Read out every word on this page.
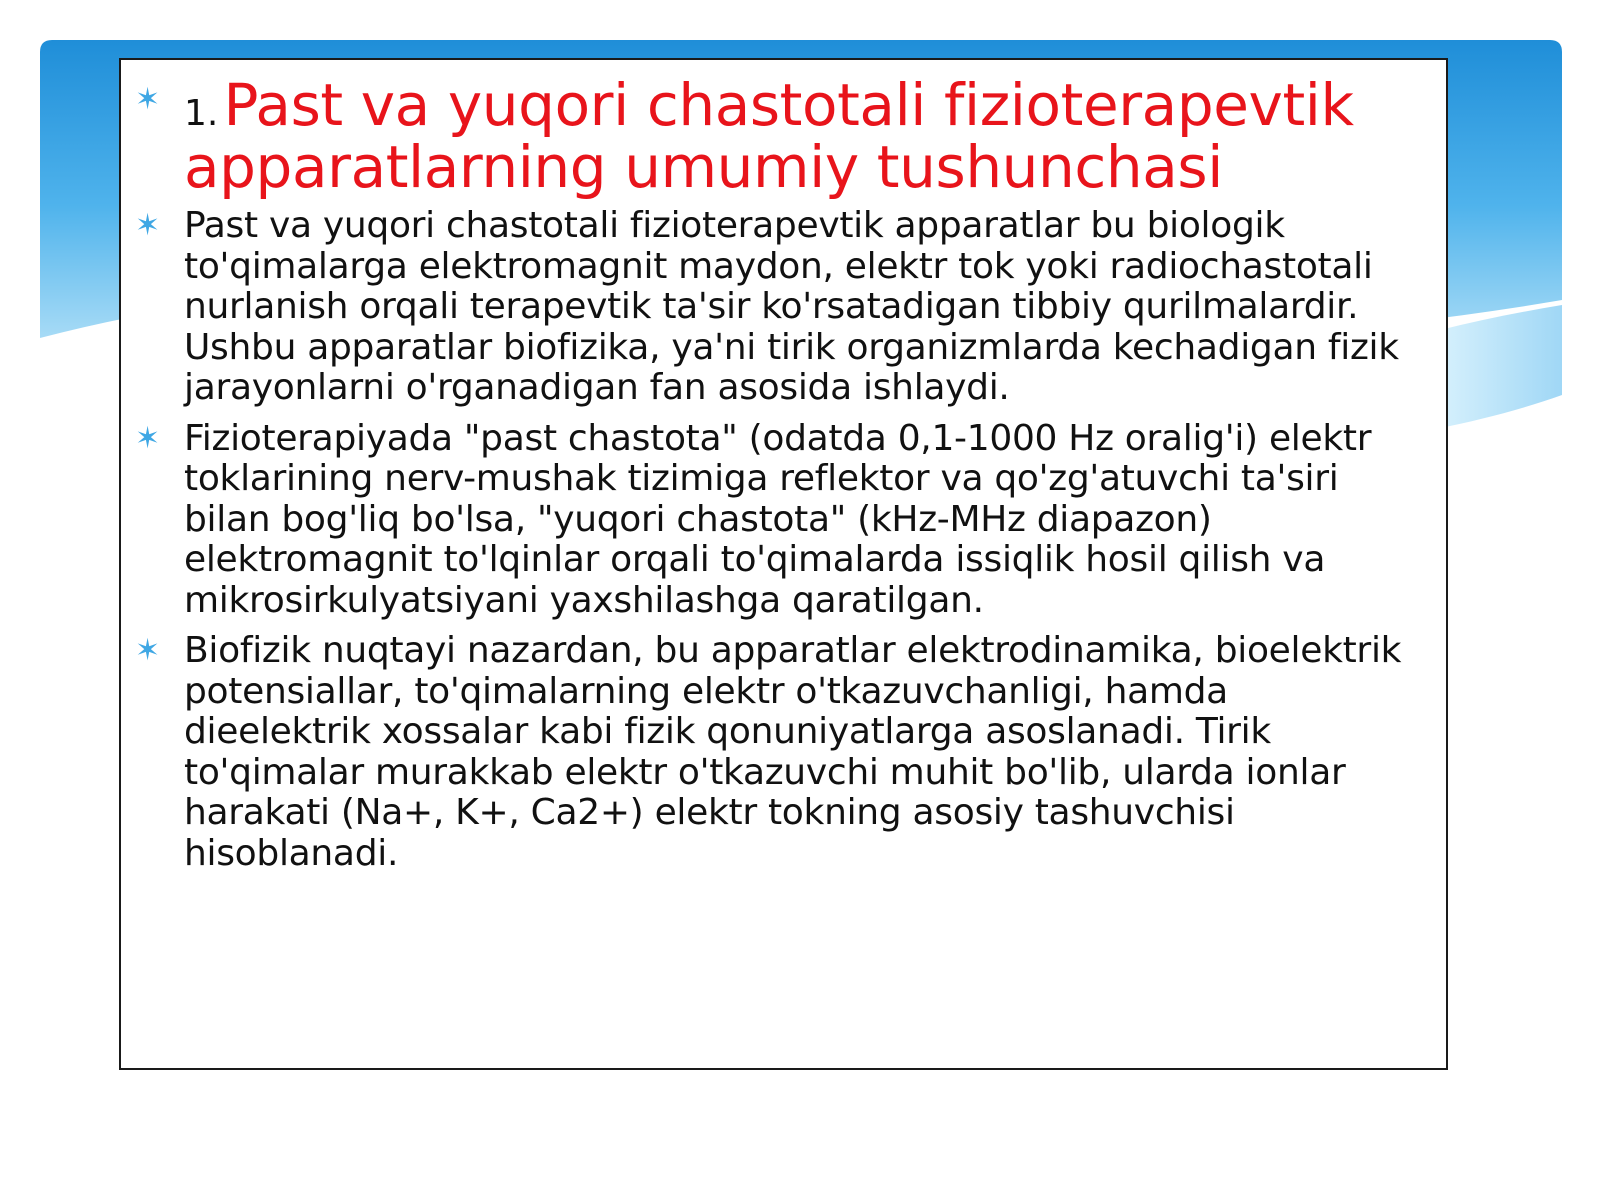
✶ 1. Past va yuqori chastotali fizioterapevtik apparatlarning umumiy tushunchasi
✶ Past va yuqori chastotali fizioterapevtik apparatlar bu biologik to'qimalarga elektromagnit maydon, elektr tok yoki radiochastotali nurlanish orqali terapevtik ta'sir ko'rsatadigan tibbiy qurilmalardir. Ushbu apparatlar biofizika, ya'ni tirik organizmlarda kechadigan fizik jarayonlarni o'rganadigan fan asosida ishlaydi.
✶ Fizioterapiyada "past chastota" (odatda 0,1-1000 Hz oralig'i) elektr toklarining nerv-mushak tizimiga reflektor va qo'zg'atuvchi ta'siri bilan bog'liq bo'lsa, "yuqori chastota" (kHz-MHz diapazon) elektromagnit to'lqinlar orqali to'qimalarda issiqlik hosil qilish va mikrosirkulyatsiyani yaxshilashga qaratilgan.
✶ Biofizik nuqtayi nazardan, bu apparatlar elektrodinamika, bioelektrik potensiallar, to'qimalarning elektr o'tkazuvchanligi, hamda dieelektrik xossalar kabi fizik qonuniyatlarga asoslanadi. Tirik to'qimalar murakkab elektr o'tkazuvchi muhit bo'lib, ularda ionlar harakati (Na+, K+, Ca2+) elektr tokning asosiy tashuvchisi hisoblanadi.
